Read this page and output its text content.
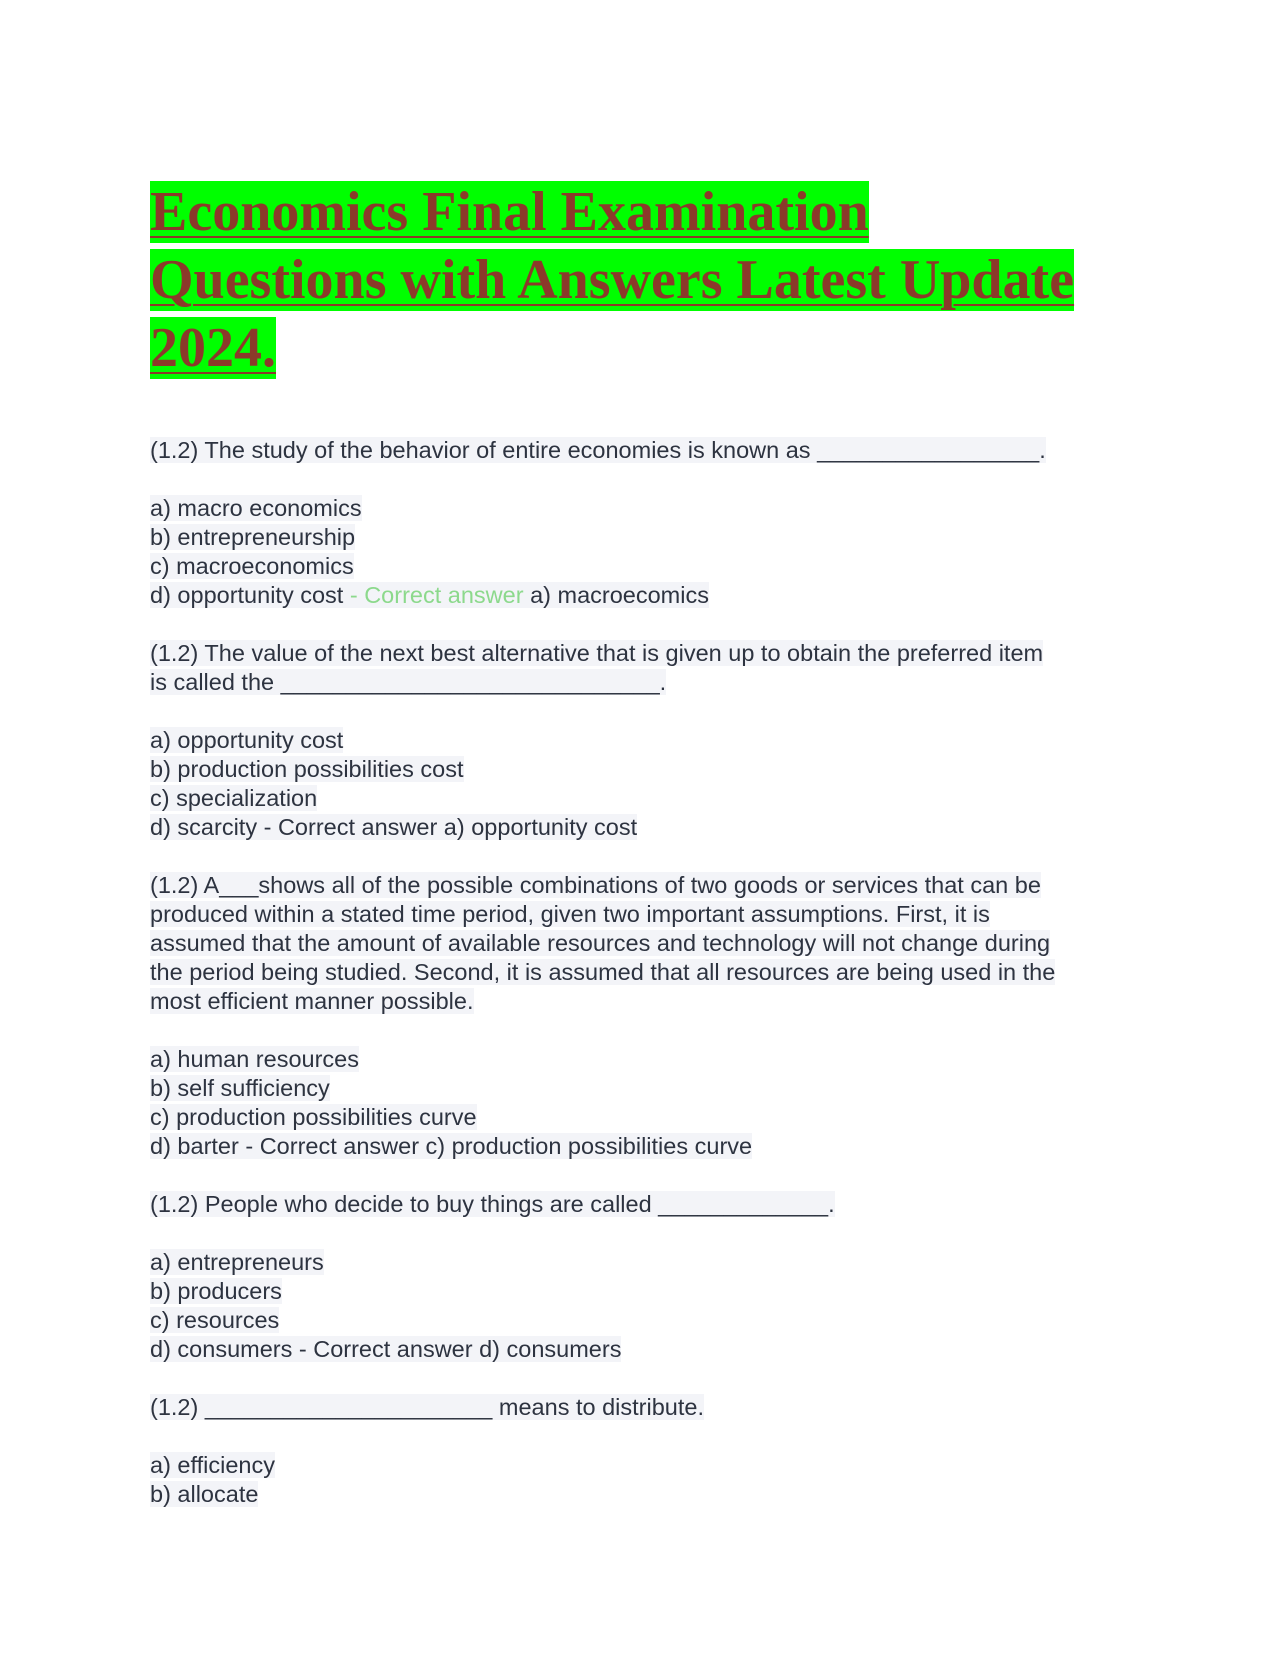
Economics Final Examination
Questions with Answers Latest Update
2024.
(1.2) The study of the behavior of entire economies is known as _________________.
a) macro economics
b) entrepreneurship
c) macroeconomics
d) opportunity cost - Correct answer a) macroecomics
(1.2) The value of the next best alternative that is given up to obtain the preferred item
is called the _____________________________.
a) opportunity cost
b) production possibilities cost
c) specialization
d) scarcity - Correct answer a) opportunity cost
(1.2) A___shows all of the possible combinations of two goods or services that can be
produced within a stated time period, given two important assumptions. First, it is
assumed that the amount of available resources and technology will not change during
the period being studied. Second, it is assumed that all resources are being used in the
most efficient manner possible.
a) human resources
b) self sufficiency
c) production possibilities curve
d) barter - Correct answer c) production possibilities curve
(1.2) People who decide to buy things are called _____________.
a) entrepreneurs
b) producers
c) resources
d) consumers - Correct answer d) consumers
(1.2) ______________________ means to distribute.
a) efficiency
b) allocate
